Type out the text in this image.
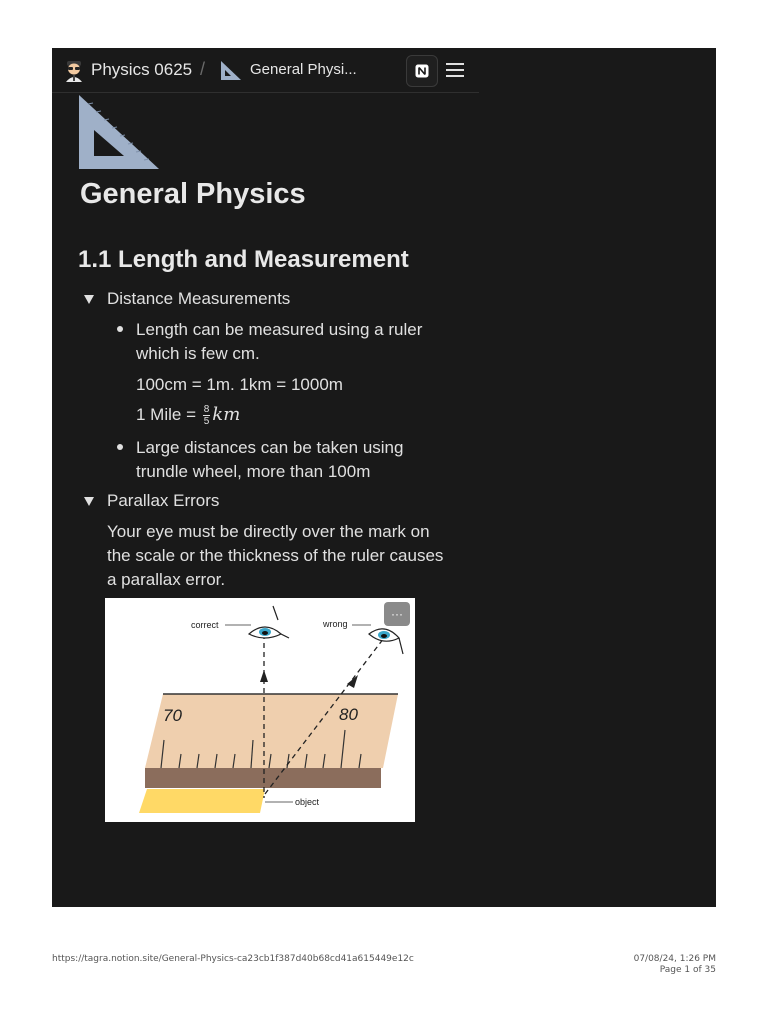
Physics 0625 /	General Physi...
General Physics
1.1 Length and Measurement
Distance Measurements
Length can be measured using a ruler
which is few cm.
100cm = 1m. 1km = 1000m
1 Mile = $\frac{8}{5}$ km
Large distances can be taken using
trundle wheel, more than 100m
Parallax Errors
Your eye must be directly over the mark on
the scale or the thickness of the ruler causes
a parallax error.
70	80
correct	wrong
object
···
https://tagra.notion.site/General-Physics-ca23cb1f387d40b68cd41a615449e12c	07/08/24, 1:26 PM
Page 1 of 35
